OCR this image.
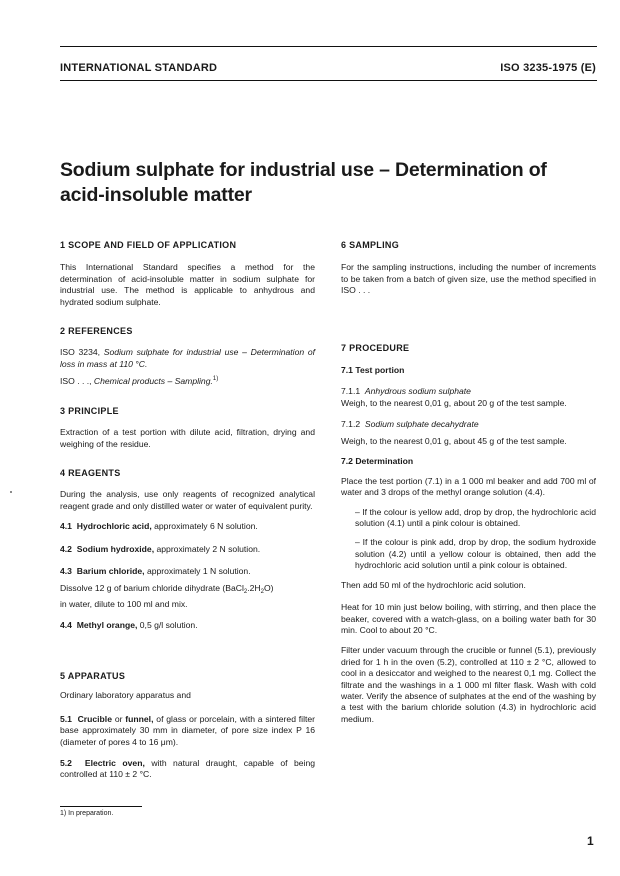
INTERNATIONAL STANDARD	ISO 3235-1975 (E)
Sodium sulphate for industrial use – Determination of
acid-insoluble matter

1 SCOPE AND FIELD OF APPLICATION

This International Standard specifies a method for the determination of acid-insoluble matter in sodium sulphate for industrial use. The method is applicable to anhydrous and hydrated sodium sulphate.

2 REFERENCES

ISO 3234, Sodium sulphate for industrial use – Determination of loss in mass at 110 °C.

ISO . . ., Chemical products – Sampling.$^{1)}$

3 PRINCIPLE

Extraction of a test portion with dilute acid, filtration, drying and weighing of the residue.

4 REAGENTS

During the analysis, use only reagents of recognized analytical reagent grade and only distilled water or water of equivalent purity.

4.1 Hydrochloric acid, approximately 6 N solution.

4.2 Sodium hydroxide, approximately 2 N solution.

4.3 Barium chloride, approximately 1 N solution.

Dissolve 12 g of barium chloride dihydrate $(BaCl_2.2H_2O)$
in water, dilute to 100 ml and mix.

4.4 Methyl orange, 0,5 g/l solution.

5 APPARATUS

Ordinary laboratory apparatus and

5.1 Crucible or funnel, of glass or porcelain, with a sintered filter base approximately 30 mm in diameter, of pore size index P 16 (diameter of pores 4 to 16 μm).

5.2 Electric oven, with natural draught, capable of being controlled at 110 ± 2 °C.

6 SAMPLING

For the sampling instructions, including the number of increments to be taken from a batch of given size, use the method specified in ISO . . .

7 PROCEDURE

7.1 Test portion

7.1.1 Anhydrous sodium sulphate

Weigh, to the nearest 0,01 g, about 20 g of the test sample.

7.1.2 Sodium sulphate decahydrate

Weigh, to the nearest 0,01 g, about 45 g of the test sample.

7.2 Determination

Place the test portion (7.1) in a 1 000 ml beaker and add 700 ml of water and 3 drops of the methyl orange solution (4.4).

– If the colour is yellow add, drop by drop, the hydrochloric acid solution (4.1) until a pink colour is obtained.

– If the colour is pink add, drop by drop, the sodium hydroxide solution (4.2) until a yellow colour is obtained, then add the hydrochloric acid solution until a pink colour is obtained.

Then add 50 ml of the hydrochloric acid solution.

Heat for 10 min just below boiling, with stirring, and then place the beaker, covered with a watch-glass, on a boiling water bath for 30 min. Cool to about 20 °C.

Filter under vacuum through the crucible or funnel (5.1), previously dried for 1 h in the oven (5.2), controlled at 110 ± 2 °C, allowed to cool in a desiccator and weighed to the nearest 0,1 mg. Collect the filtrate and the washings in a 1 000 ml filter flask. Wash with cold water. Verify the absence of sulphates at the end of the washing by a test with the barium chloride solution (4.3) in hydrochloric acid medium.

1) In preparation.
1
